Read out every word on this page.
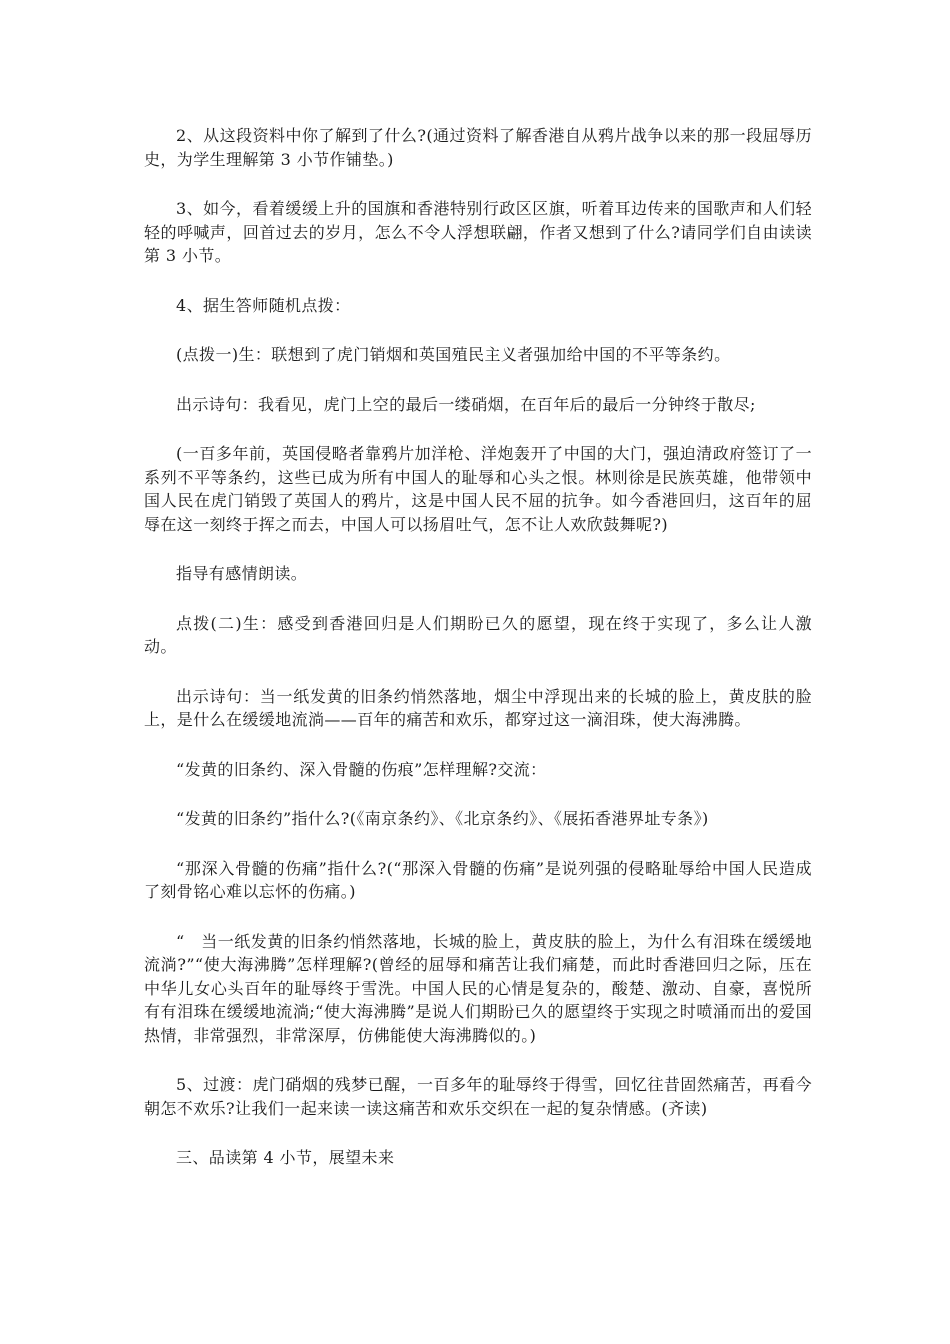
2、从这段资料中你了解到了什么?(通过资料了解香港自从鸦片战争以来的那一段屈辱历史，为学生理解第 3 小节作铺垫。)

3、如今，看着缓缓上升的国旗和香港特别行政区区旗，听着耳边传来的国歌声和人们轻轻的呼喊声，回首过去的岁月，怎么不令人浮想联翩，作者又想到了什么?请同学们自由读读第 3 小节。

4、据生答师随机点拨：

(点拨一)生：联想到了虎门销烟和英国殖民主义者强加给中国的不平等条约。

出示诗句：我看见，虎门上空的最后一缕硝烟，在百年后的最后一分钟终于散尽;

(一百多年前，英国侵略者靠鸦片加洋枪、洋炮轰开了中国的大门，强迫清政府签订了一系列不平等条约，这些已成为所有中国人的耻辱和心头之恨。林则徐是民族英雄，他带领中国人民在虎门销毁了英国人的鸦片，这是中国人民不屈的抗争。如今香港回归，这百年的屈辱在这一刻终于挥之而去，中国人可以扬眉吐气，怎不让人欢欣鼓舞呢?)

指导有感情朗读。

点拨(二)生：感受到香港回归是人们期盼已久的愿望，现在终于实现了，多么让人激动。

出示诗句：当一纸发黄的旧条约悄然落地，烟尘中浮现出来的长城的脸上，黄皮肤的脸上，是什么在缓缓地流淌——百年的痛苦和欢乐，都穿过这一滴泪珠，使大海沸腾。

“发黄的旧条约、深入骨髓的伤痕”怎样理解?交流：

“发黄的旧条约”指什么?(《南京条约》、《北京条约》、《展拓香港界址专条》)

“那深入骨髓的伤痛”指什么?(“那深入骨髓的伤痛”是说列强的侵略耻辱给中国人民造成了刻骨铭心难以忘怀的伤痛。)

“　当一纸发黄的旧条约悄然落地，长城的脸上，黄皮肤的脸上，为什么有泪珠在缓缓地流淌?”“使大海沸腾”怎样理解?(曾经的屈辱和痛苦让我们痛楚，而此时香港回归之际，压在中华儿女心头百年的耻辱终于雪洗。中国人民的心情是复杂的，酸楚、激动、自豪，喜悦所有有泪珠在缓缓地流淌;“使大海沸腾”是说人们期盼已久的愿望终于实现之时喷涌而出的爱国热情，非常强烈，非常深厚，仿佛能使大海沸腾似的。)

5、过渡：虎门硝烟的残梦已醒，一百多年的耻辱终于得雪，回忆往昔固然痛苦，再看今朝怎不欢乐?让我们一起来读一读这痛苦和欢乐交织在一起的复杂情感。(齐读)

三、品读第 4 小节，展望未来
